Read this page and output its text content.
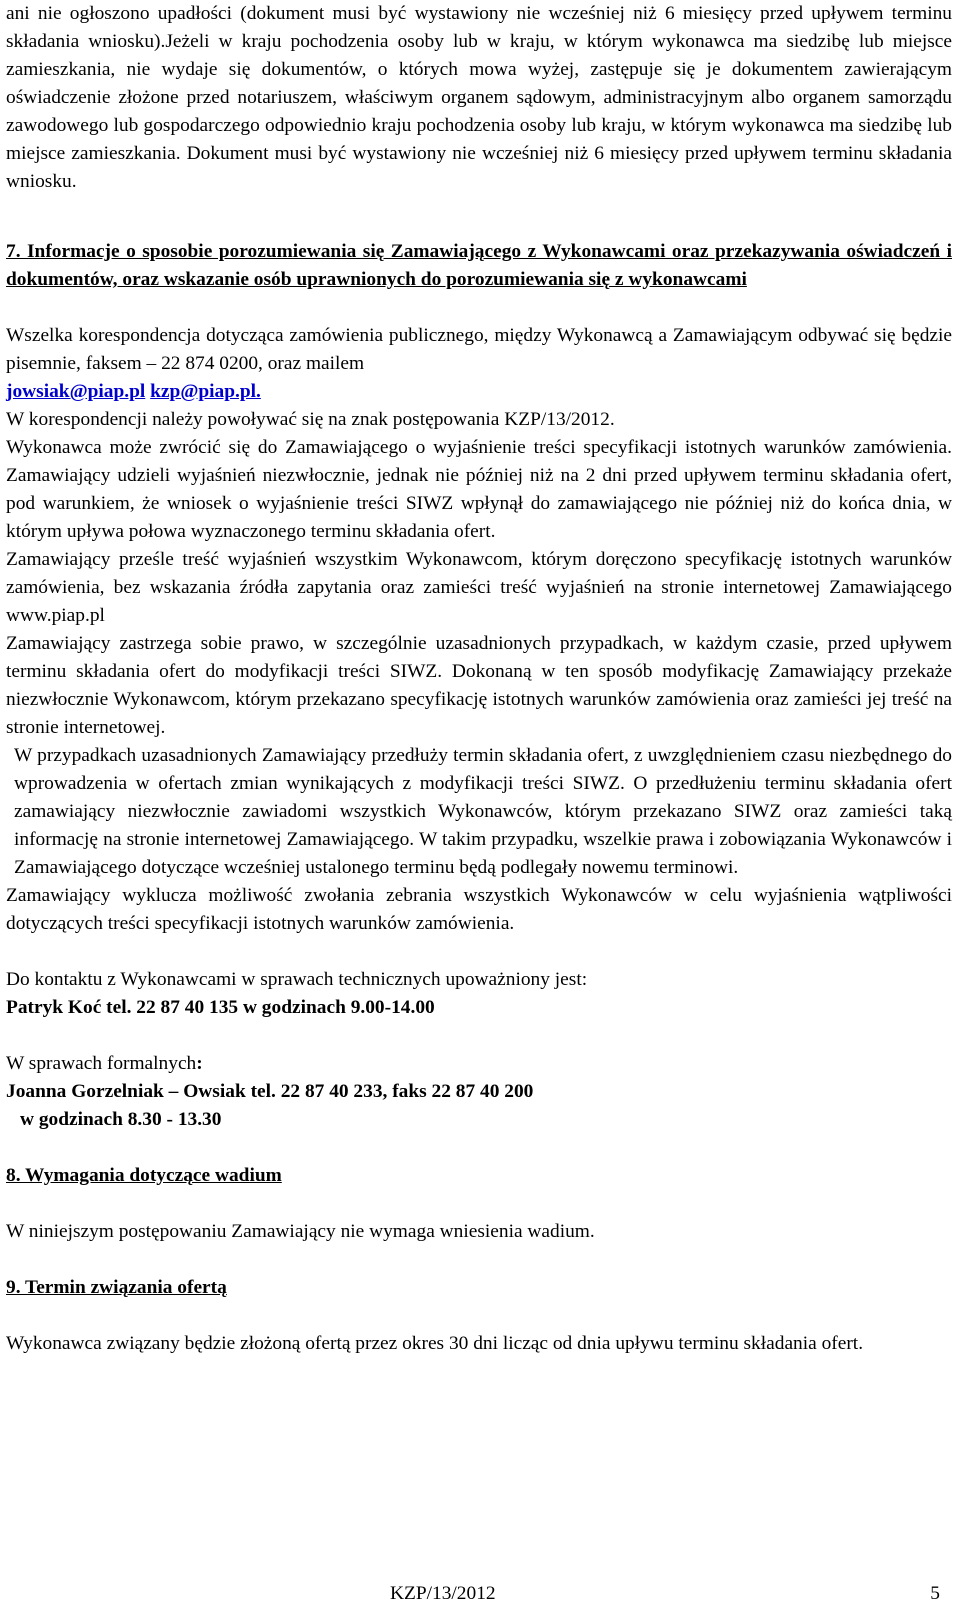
ani nie ogłoszono upadłości (dokument musi być wystawiony nie wcześniej niż 6 miesięcy przed upływem terminu składania wniosku).Jeżeli w kraju pochodzenia osoby lub w kraju, w którym wykonawca ma siedzibę lub miejsce zamieszkania, nie wydaje się dokumentów, o których mowa wyżej, zastępuje się je dokumentem zawierającym oświadczenie złożone przed notariuszem, właściwym organem sądowym, administracyjnym albo organem samorządu zawodowego lub gospodarczego odpowiednio kraju pochodzenia osoby lub kraju, w którym wykonawca ma siedzibę lub miejsce zamieszkania. Dokument musi być wystawiony nie wcześniej niż 6 miesięcy przed upływem terminu składania wniosku.

7. Informacje o sposobie porozumiewania się Zamawiającego z Wykonawcami oraz przekazywania oświadczeń i dokumentów, oraz wskazanie osób uprawnionych do porozumiewania się z wykonawcami

Wszelka korespondencja dotycząca zamówienia publicznego, między Wykonawcą a Zamawiającym odbywać się będzie pisemnie, faksem – 22 874 0200, oraz mailem
jowsiak@piap.pl kzp@piap.pl.

W korespondencji należy powoływać się na znak postępowania KZP/13/2012.

Wykonawca może zwrócić się do Zamawiającego o wyjaśnienie treści specyfikacji istotnych warunków zamówienia. Zamawiający udzieli wyjaśnień niezwłocznie, jednak nie później niż na 2 dni przed upływem terminu składania ofert, pod warunkiem, że wniosek o wyjaśnienie treści SIWZ wpłynął do zamawiającego nie później niż do końca dnia, w którym upływa połowa wyznaczonego terminu składania ofert.

Zamawiający prześle treść wyjaśnień wszystkim Wykonawcom, którym doręczono specyfikację istotnych warunków zamówienia, bez wskazania źródła zapytania oraz zamieści treść wyjaśnień na stronie internetowej Zamawiającego www.piap.pl

Zamawiający zastrzega sobie prawo, w szczególnie uzasadnionych przypadkach, w każdym czasie, przed upływem terminu składania ofert do modyfikacji treści SIWZ. Dokonaną w ten sposób modyfikację Zamawiający przekaże niezwłocznie Wykonawcom, którym przekazano specyfikację istotnych warunków zamówienia oraz zamieści jej treść na stronie internetowej.

W przypadkach uzasadnionych Zamawiający przedłuży termin składania ofert, z uwzględnieniem czasu niezbędnego do wprowadzenia w ofertach zmian wynikających z modyfikacji treści SIWZ. O przedłużeniu terminu składania ofert zamawiający niezwłocznie zawiadomi wszystkich Wykonawców, którym przekazano SIWZ oraz zamieści taką informację na stronie internetowej Zamawiającego. W takim przypadku, wszelkie prawa i zobowiązania Wykonawców i Zamawiającego dotyczące wcześniej ustalonego terminu będą podlegały nowemu terminowi.

Zamawiający wyklucza możliwość zwołania zebrania wszystkich Wykonawców w celu wyjaśnienia wątpliwości dotyczących treści specyfikacji istotnych warunków zamówienia.

Do kontaktu z Wykonawcami w sprawach technicznych upoważniony jest:

Patryk Koć tel. 22 87 40 135 w godzinach 9.00-14.00

W sprawach formalnych:

Joanna Gorzelniak – Owsiak tel. 22 87 40 233, faks 22 87 40 200

w godzinach 8.30 - 13.30

8. Wymagania dotyczące wadium

W niniejszym postępowaniu Zamawiający nie wymaga wniesienia wadium.

9. Termin związania ofertą

Wykonawca związany będzie złożoną ofertą przez okres 30 dni licząc od dnia upływu terminu składania ofert.

KZP/13/2012	5
